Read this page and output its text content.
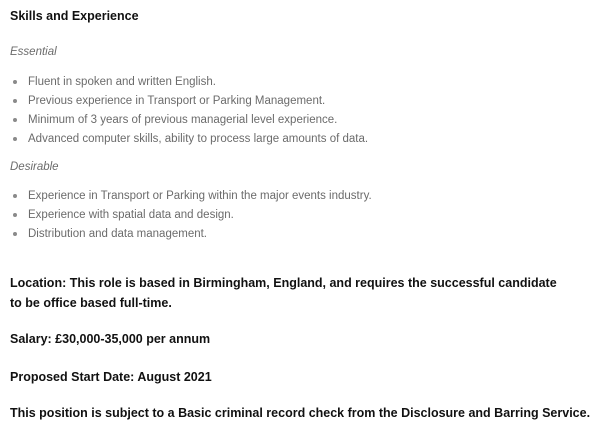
Skills and Experience
Essential
Fluent in spoken and written English.
Previous experience in Transport or Parking Management.
Minimum of 3 years of previous managerial level experience.
Advanced computer skills, ability to process large amounts of data.
Desirable
Experience in Transport or Parking within the major events industry.
Experience with spatial data and design.
Distribution and data management.
Location: This role is based in Birmingham, England, and requires the successful candidate to be office based full-time.
Salary: £30,000-35,000 per annum
Proposed Start Date: August 2021
This position is subject to a Basic criminal record check from the Disclosure and Barring Service.
